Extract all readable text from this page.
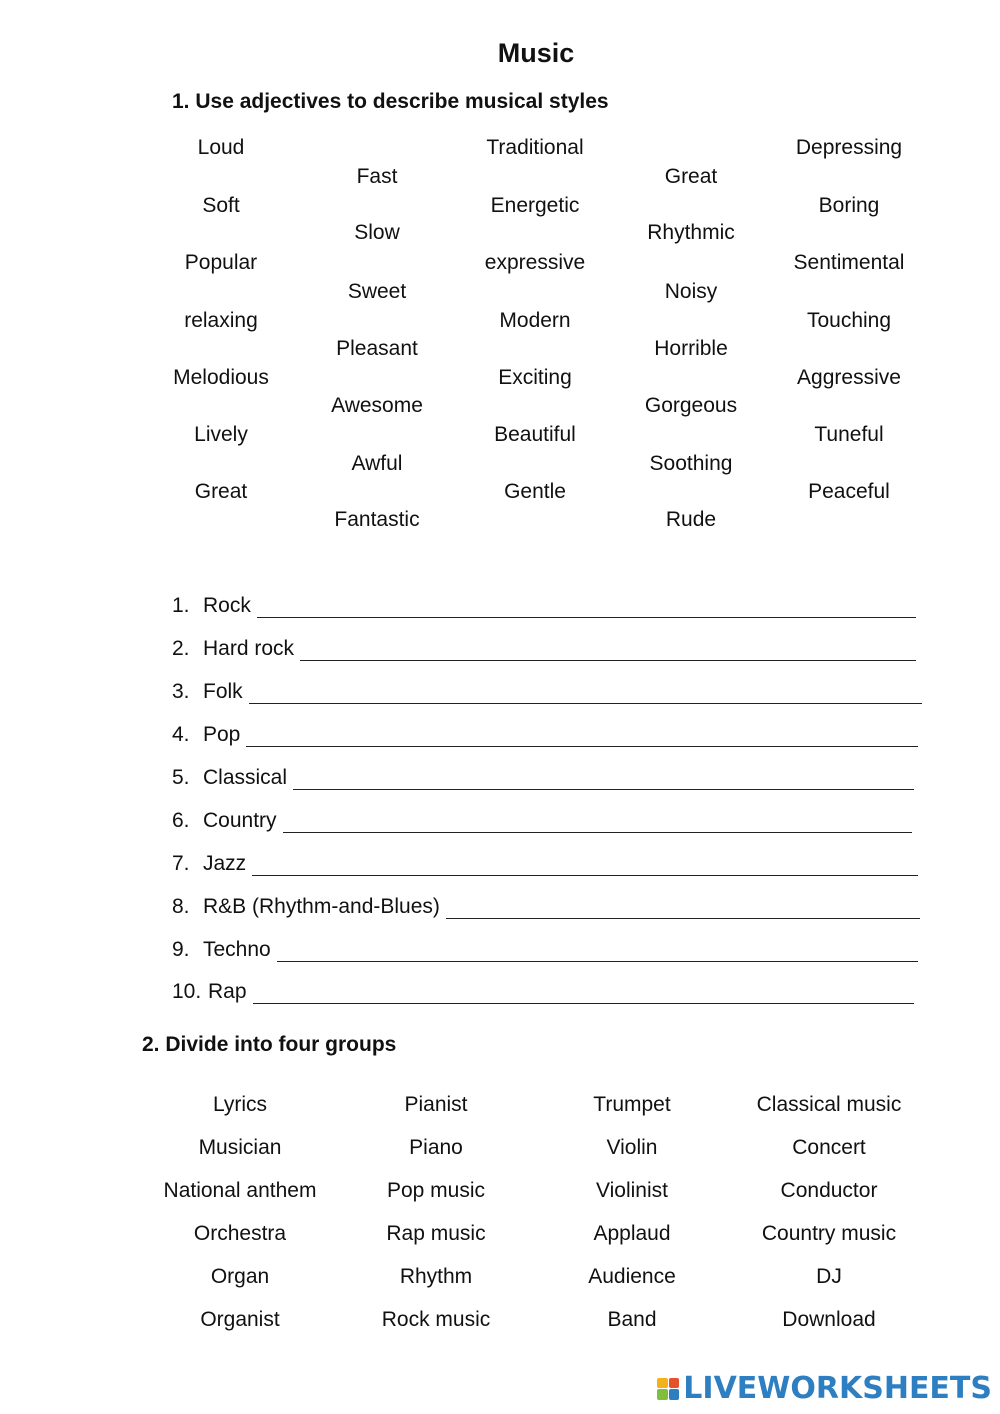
Music
1. Use adjectives to describe musical styles
Loud
Soft
Popular
relaxing
Melodious
Lively
Great
Fast
Slow
Sweet
Pleasant
Awesome
Awful
Fantastic
Traditional
Energetic
expressive
Modern
Exciting
Beautiful
Gentle
Great
Rhythmic
Noisy
Horrible
Gorgeous
Soothing
Rude
Depressing
Boring
Sentimental
Touching
Aggressive
Tuneful
Peaceful
1. Rock
2. Hard rock
3. Folk
4. Pop
5. Classical
6. Country
7. Jazz
8. R&B (Rhythm-and-Blues)
9. Techno
10. Rap
2. Divide into four groups
Lyrics
Musician
National anthem
Orchestra
Organ
Organist
Pianist
Piano
Pop music
Rap music
Rhythm
Rock music
Trumpet
Violin
Violinist
Applaud
Audience
Band
Classical music
Concert
Conductor
Country music
DJ
Download
LIVEWORKSHEETS
